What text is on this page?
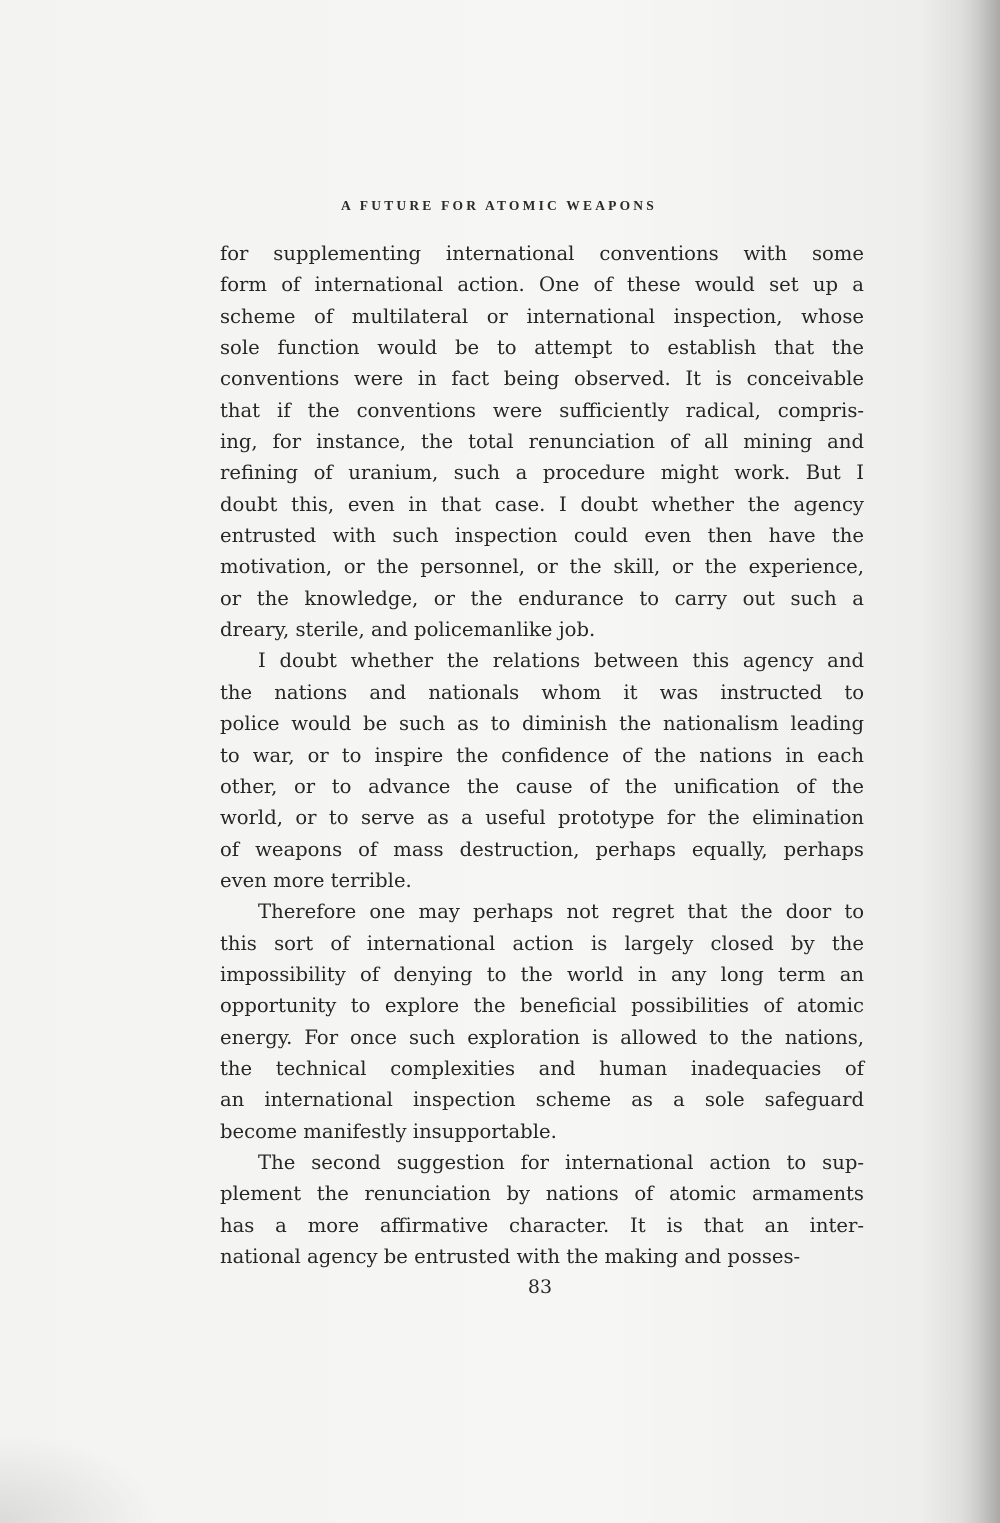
A FUTURE FOR ATOMIC WEAPONS
for supplementing international conventions with some
form of international action. One of these would set up a
scheme of multilateral or international inspection, whose
sole function would be to attempt to establish that the
conventions were in fact being observed. It is conceivable
that if the conventions were sufficiently radical, compris-
ing, for instance, the total renunciation of all mining and
refining of uranium, such a procedure might work. But I
doubt this, even in that case. I doubt whether the agency
entrusted with such inspection could even then have the
motivation, or the personnel, or the skill, or the experience,
or the knowledge, or the endurance to carry out such a
dreary, sterile, and policemanlike job.
I doubt whether the relations between this agency and
the nations and nationals whom it was instructed to
police would be such as to diminish the nationalism leading
to war, or to inspire the confidence of the nations in each
other, or to advance the cause of the unification of the
world, or to serve as a useful prototype for the elimination
of weapons of mass destruction, perhaps equally, perhaps
even more terrible.
Therefore one may perhaps not regret that the door to
this sort of international action is largely closed by the
impossibility of denying to the world in any long term an
opportunity to explore the beneficial possibilities of atomic
energy. For once such exploration is allowed to the nations,
the technical complexities and human inadequacies of
an international inspection scheme as a sole safeguard
become manifestly insupportable.
The second suggestion for international action to sup-
plement the renunciation by nations of atomic armaments
has a more affirmative character. It is that an inter-
national agency be entrusted with the making and posses-
83
